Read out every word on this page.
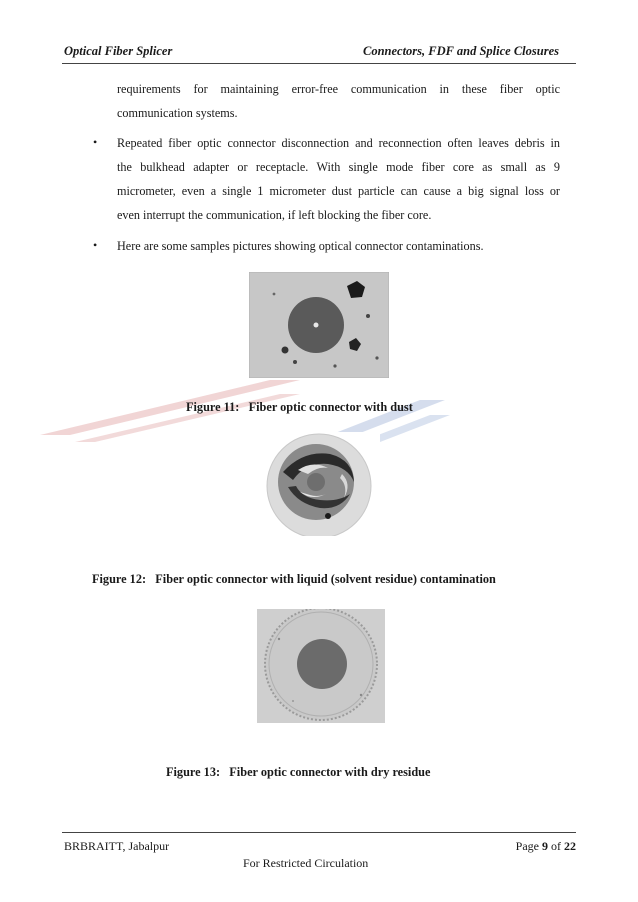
Optical Fiber Splicer	Connectors, FDF and Splice Closures
requirements for maintaining error-free communication in these fiber optic
communication systems.
• Repeated fiber optic connector disconnection and reconnection often leaves debris in
the bulkhead adapter or receptacle. With single mode fiber core as small as 9
micrometer, even a single 1 micrometer dust particle can cause a big signal loss or
even interrupt the communication, if left blocking the fiber core.
• Here are some samples pictures showing optical connector contaminations.
Figure 11:   Fiber optic connector with dust
Figure 12:   Fiber optic connector with liquid (solvent residue) contamination
Figure 13:   Fiber optic connector with dry residue
BRBRAITT, Jabalpur	Page 9 of 22
For Restricted Circulation
